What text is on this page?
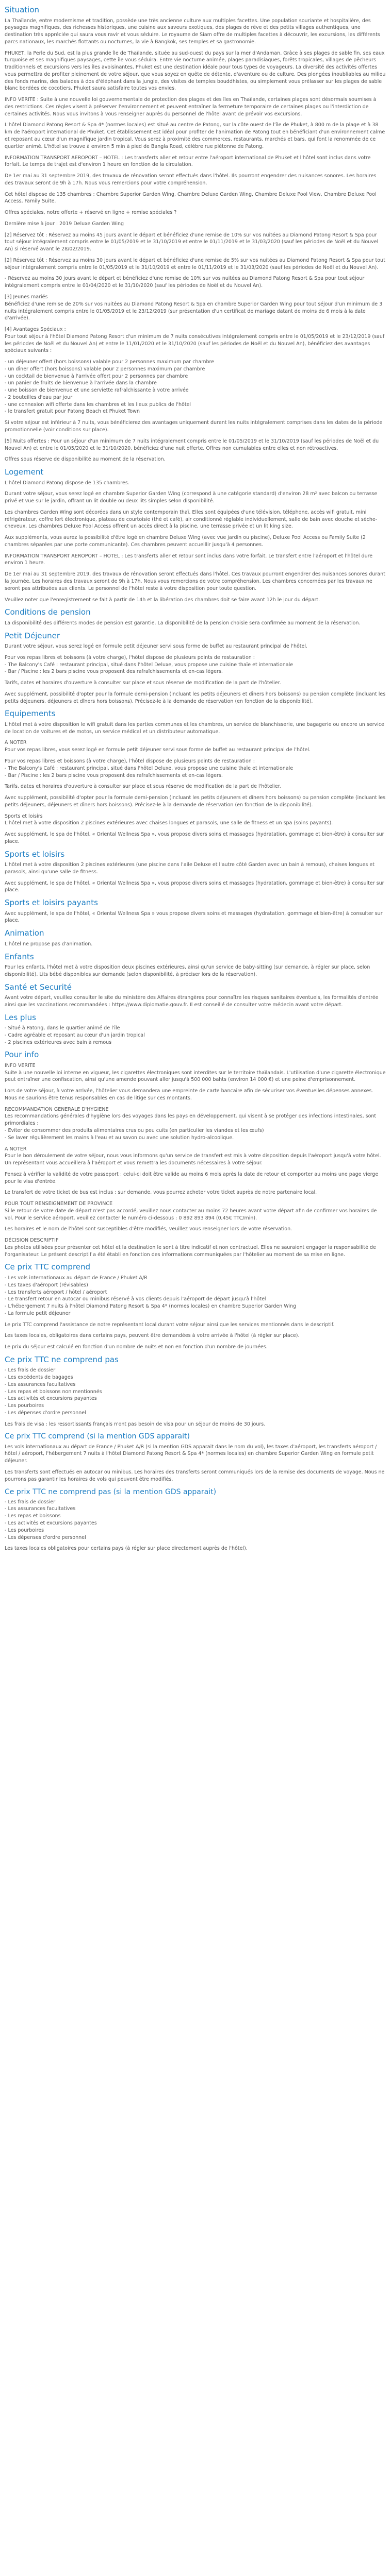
Situation

La Thaïlande, entre modernisme et tradition, possède une très ancienne culture aux multiples facettes. Une population souriante et hospitalière, des paysages magnifiques, des richesses historiques, une cuisine aux saveurs exotiques, des plages de rêve et des petits villages authentiques, une destination très appréciée qui saura vous ravir et vous séduire. Le royaume de Siam offre de multiples facettes à découvrir, les excursions, les différents parcs nationaux, les marchés flottants ou nocturnes, la vie à Bangkok, ses temples et sa gastronomie.

PHUKET, la Perle du Sud, est la plus grande île de Thaïlande, située au sud-ouest du pays sur la mer d'Andaman. Grâce à ses plages de sable fin, ses eaux turquoise et ses magnifiques paysages, cette île vous séduira. Entre vie nocturne animée, plages paradisiaques, forêts tropicales, villages de pêcheurs traditionnels et excursions vers les îles avoisinantes, Phuket est une destination idéale pour tous types de voyageurs. La diversité des activités offertes vous permettra de profiter pleinement de votre séjour, que vous soyez en quête de détente, d'aventure ou de culture. Des plongées inoubliables au milieu des fonds marins, des balades à dos d'éléphant dans la jungle, des visites de temples bouddhistes, ou simplement vous prélasser sur les plages de sable blanc bordées de cocotiers, Phuket saura satisfaire toutes vos envies.

INFO VERITE : Suite à une nouvelle loi gouvernementale de protection des plages et des îles en Thaïlande, certaines plages sont désormais soumises à des restrictions. Ces règles visent à préserver l'environnement et peuvent entraîner la fermeture temporaire de certaines plages ou l'interdiction de certaines activités. Nous vous invitons à vous renseigner auprès du personnel de l'hôtel avant de prévoir vos excursions.

L'hôtel Diamond Patong Resort & Spa 4* (normes locales) est situé au centre de Patong, sur la côte ouest de l'île de Phuket, à 800 m de la plage et à 38 km de l'aéroport international de Phuket. Cet établissement est idéal pour profiter de l'animation de Patong tout en bénéficiant d'un environnement calme et reposant au cœur d'un magnifique jardin tropical. Vous serez à proximité des commerces, restaurants, marchés et bars, qui font la renommée de ce quartier animé. L'hôtel se trouve à environ 5 min à pied de Bangla Road, célèbre rue piétonne de Patong.

INFORMATION TRANSPORT AEROPORT – HOTEL : Les transferts aller et retour entre l'aéroport international de Phuket et l'hôtel sont inclus dans votre forfait. Le temps de trajet est d'environ 1 heure en fonction de la circulation.

De 1er mai au 31 septembre 2019, des travaux de rénovation seront effectués dans l'hôtel. Ils pourront engendrer des nuisances sonores. Les horaires des travaux seront de 9h à 17h. Nous vous remercions pour votre compréhension.

Cet hôtel dispose de 135 chambres : Chambre Superior Garden Wing, Chambre Deluxe Garden Wing, Chambre Deluxe Pool View, Chambre Deluxe Pool Access, Family Suite.

Offres spéciales, notre offerte + réservé en ligne + remise spéciales ?

Dernière mise à jour : 2019 Deluxe Garden Wing

[2] Réservez tôt : Réservez au moins 45 jours avant le départ et bénéficiez d'une remise de 10% sur vos nuitées au Diamond Patong Resort & Spa pour tout séjour intégralement compris entre le 01/05/2019 et le 31/10/2019 et entre le 01/11/2019 et le 31/03/2020 (sauf les périodes de Noël et du Nouvel An) si réservé avant le 28/02/2019.

[2] Réservez tôt : Réservez au moins 30 jours avant le départ et bénéficiez d'une remise de 5% sur vos nuitées au Diamond Patong Resort & Spa pour tout séjour intégralement compris entre le 01/05/2019 et le 31/10/2019 et entre le 01/11/2019 et le 31/03/2020 (sauf les périodes de Noël et du Nouvel An).

- Réservez au moins 30 jours avant le départ et bénéficiez d'une remise de 10% sur vos nuitées au Diamond Patong Resort & Spa pour tout séjour intégralement compris entre le 01/04/2020 et le 31/10/2020 (sauf les périodes de Noël et du Nouvel An).

[3] Jeunes mariés

Bénéficiez d'une remise de 20% sur vos nuitées au Diamond Patong Resort & Spa en chambre Superior Garden Wing pour tout séjour d'un minimum de 3 nuits intégralement compris entre le 01/05/2019 et le 23/12/2019 (sur présentation d'un certificat de mariage datant de moins de 6 mois à la date d'arrivée).

[4] Avantages Spéciaux :

Pour tout séjour à l'hôtel Diamond Patong Resort d'un minimum de 7 nuits consécutives intégralement compris entre le 01/05/2019 et le 23/12/2019 (sauf les périodes de Noël et du Nouvel An) et entre le 11/01/2020 et le 31/10/2020 (sauf les périodes de Noël et du Nouvel An), bénéficiez des avantages spéciaux suivants :

- un déjeuner offert (hors boissons) valable pour 2 personnes maximum par chambre

- un dîner offert (hors boissons) valable pour 2 personnes maximum par chambre

- un cocktail de bienvenue à l'arrivée offert pour 2 personnes par chambre

- un panier de fruits de bienvenue à l'arrivée dans la chambre

- une boisson de bienvenue et une serviette rafraîchissante à votre arrivée

- 2 bouteilles d'eau par jour

- une connexion wifi offerte dans les chambres et les lieux publics de l'hôtel

- le transfert gratuit pour Patong Beach et Phuket Town

Si votre séjour est inférieur à 7 nuits, vous bénéficierez des avantages uniquement durant les nuits intégralement comprises dans les dates de la période promotionnelle (voir conditions sur place).

[5] Nuits offertes : Pour un séjour d'un minimum de 7 nuits intégralement compris entre le 01/05/2019 et le 31/10/2019 (sauf les périodes de Noël et du Nouvel An) et entre le 01/05/2020 et le 31/10/2020, bénéficiez d'une nuit offerte. Offres non cumulables entre elles et non rétroactives.

Offres sous réserve de disponibilité au moment de la réservation.

Logement

L'hôtel Diamond Patong dispose de 135 chambres.

Durant votre séjour, vous serez logé en chambre Superior Garden Wing (correspond à une catégorie standard) d'environ 28 m² avec balcon ou terrasse privé et vue sur le jardin, offrant un lit double ou deux lits simples selon disponibilité.

Les chambres Garden Wing sont décorées dans un style contemporain thaï. Elles sont équipées d'une télévision, téléphone, accès wifi gratuit, mini réfrigérateur, coffre fort électronique, plateau de courtoisie (thé et café), air conditionné réglable individuellement, salle de bain avec douche et sèche-cheveux. Les chambres Deluxe Pool Access offrent un accès direct à la piscine, une terrasse privée et un lit king size.

Aux suppléments, vous aurez la possibilité d'être logé en chambre Deluxe Wing (avec vue jardin ou piscine), Deluxe Pool Access ou Family Suite (2 chambres séparées par une porte communicante). Ces chambres peuvent accueillir jusqu'à 4 personnes.

INFORMATION TRANSPORT AEROPORT – HOTEL : Les transferts aller et retour sont inclus dans votre forfait. Le transfert entre l'aéroport et l'hôtel dure environ 1 heure.

De 1er mai au 31 septembre 2019, des travaux de rénovation seront effectués dans l'hôtel. Ces travaux pourront engendrer des nuisances sonores durant la journée. Les horaires des travaux seront de 9h à 17h. Nous vous remercions de votre compréhension. Les chambres concernées par les travaux ne seront pas attribuées aux clients. Le personnel de l'hôtel reste à votre disposition pour toute question.

Veuillez noter que l'enregistrement se fait à partir de 14h et la libération des chambres doit se faire avant 12h le jour du départ.

Conditions de pension

La disponibilité des différents modes de pension est garantie. La disponibilité de la pension choisie sera confirmée au moment de la réservation.

Petit Déjeuner

Durant votre séjour, vous serez logé en formule petit déjeuner servi sous forme de buffet au restaurant principal de l'hôtel.

Pour vos repas libres et boissons (à votre charge), l'hôtel dispose de plusieurs points de restauration :

- The Balcony's Café : restaurant principal, situé dans l'hôtel Deluxe, vous propose une cuisine thaïe et internationale

- Bar / Piscine : les 2 bars piscine vous proposent des rafraîchissements et en-cas légers.

Tarifs, dates et horaires d'ouverture à consulter sur place et sous réserve de modification de la part de l'hôtelier.

Avec supplément, possibilité d'opter pour la formule demi-pension (incluant les petits déjeuners et dîners hors boissons) ou pension complète (incluant les petits déjeuners, déjeuners et dîners hors boissons). Précisez-le à la demande de réservation (en fonction de la disponibilité).

Equipements

L'hôtel met à votre disposition le wifi gratuit dans les parties communes et les chambres, un service de blanchisserie, une bagagerie ou encore un service de location de voitures et de motos, un service médical et un distributeur automatique.

A NOTER

Pour vos repas libres, vous serez logé en formule petit déjeuner servi sous forme de buffet au restaurant principal de l'hôtel.

Pour vos repas libres et boissons (à votre charge), l'hôtel dispose de plusieurs points de restauration :

- The Balcony's Café : restaurant principal, situé dans l'hôtel Deluxe, vous propose une cuisine thaïe et internationale

- Bar / Piscine : les 2 bars piscine vous proposent des rafraîchissements et en-cas légers.

Tarifs, dates et horaires d'ouverture à consulter sur place et sous réserve de modification de la part de l'hôtelier.

Avec supplément, possibilité d'opter pour la formule demi-pension (incluant les petits déjeuners et dîners hors boissons) ou pension complète (incluant les petits déjeuners, déjeuners et dîners hors boissons). Précisez-le à la demande de réservation (en fonction de la disponibilité).

Sports et loisirs

L'hôtel met à votre disposition 2 piscines extérieures avec chaises longues et parasols, une salle de fitness et un spa (soins payants).

Avec supplément, le spa de l'hôtel, « Oriental Wellness Spa », vous propose divers soins et massages (hydratation, gommage et bien-être) à consulter sur place.

Sports et loisirs

L'hôtel met à votre disposition 2 piscines extérieures (une piscine dans l'aile Deluxe et l'autre côté Garden avec un bain à remous), chaises longues et parasols, ainsi qu'une salle de fitness.

Avec supplément, le spa de l'hôtel, « Oriental Wellness Spa », vous propose divers soins et massages (hydratation, gommage et bien-être) à consulter sur place.

Sports et loisirs payants

Avec supplément, le spa de l'hôtel, « Oriental Wellness Spa » vous propose divers soins et massages (hydratation, gommage et bien-être) à consulter sur place.

Animation

L'hôtel ne propose pas d'animation.

Enfants

Pour les enfants, l'hôtel met à votre disposition deux piscines extérieures, ainsi qu'un service de baby-sitting (sur demande, à régler sur place, selon disponibilité). Lits bébé disponibles sur demande (selon disponibilité, à préciser lors de la réservation).

Santé et Securité

Avant votre départ, veuillez consulter le site du ministère des Affaires étrangères pour connaître les risques sanitaires éventuels, les formalités d'entrée ainsi que les vaccinations recommandées : https://www.diplomatie.gouv.fr. Il est conseillé de consulter votre médecin avant votre départ.

Les plus

- Situé à Patong, dans le quartier animé de l'île

- Cadre agréable et reposant au cœur d'un jardin tropical

- 2 piscines extérieures avec bain à remous

Pour info

INFO VERITE

Suite à une nouvelle loi interne en vigueur, les cigarettes électroniques sont interdites sur le territoire thaïlandais. L'utilisation d'une cigarette électronique peut entraîner une confiscation, ainsi qu'une amende pouvant aller jusqu'à 500 000 bahts (environ 14 000 €) et une peine d'emprisonnement.

Lors de votre séjour, à votre arrivée, l'hôtelier vous demandera une empreinte de carte bancaire afin de sécuriser vos éventuelles dépenses annexes. Nous ne saurions être tenus responsables en cas de litige sur ces montants.

RECOMMANDATION GENERALE D'HYGIENE

Les recommandations générales d'hygiène lors des voyages dans les pays en développement, qui visent à se protéger des infections intestinales, sont primordiales :

- Eviter de consommer des produits alimentaires crus ou peu cuits (en particulier les viandes et les œufs)

- Se laver régulièrement les mains à l'eau et au savon ou avec une solution hydro-alcoolique.

A NOTER

Pour le bon déroulement de votre séjour, nous vous informons qu'un service de transfert est mis à votre disposition depuis l'aéroport jusqu'à votre hôtel. Un représentant vous accueillera à l'aéroport et vous remettra les documents nécessaires à votre séjour.

Pensez à vérifier la validité de votre passeport : celui-ci doit être valide au moins 6 mois après la date de retour et comporter au moins une page vierge pour le visa d'entrée.

Le transfert de votre ticket de bus est inclus : sur demande, vous pourrez acheter votre ticket auprès de notre partenaire local.

POUR TOUT RENSEIGNEMENT DE PROVINCE

Si le retour de votre date de départ n'est pas accordé, veuillez nous contacter au moins 72 heures avant votre départ afin de confirmer vos horaires de vol. Pour le service aéroport, veuillez contacter le numéro ci-dessous : 0 892 893 894 (0,45€ TTC/min).

Les horaires et le nom de l'hôtel sont susceptibles d'être modifiés, veuillez vous renseigner lors de votre réservation.

DÉCISION DESCRIPTIF

Les photos utilisées pour présenter cet hôtel et la destination le sont à titre indicatif et non contractuel. Elles ne sauraient engager la responsabilité de l'organisateur. Le présent descriptif a été établi en fonction des informations communiquées par l'hôtelier au moment de sa mise en ligne.

Ce prix TTC comprend

- Les vols internationaux au départ de France / Phuket A/R

- Les taxes d'aéroport (révisables)

- Les transferts aéroport / hôtel / aéroport

- Le transfert retour en autocar ou minibus réservé à vos clients depuis l'aéroport de départ jusqu'à l'hôtel

- L'hébergement 7 nuits à l'hôtel Diamond Patong Resort & Spa 4* (normes locales) en chambre Superior Garden Wing

- La formule petit déjeuner

Le prix TTC comprend l'assistance de notre représentant local durant votre séjour ainsi que les services mentionnés dans le descriptif.

Les taxes locales, obligatoires dans certains pays, peuvent être demandées à votre arrivée à l'hôtel (à régler sur place).

Le prix du séjour est calculé en fonction d'un nombre de nuits et non en fonction d'un nombre de journées.

Ce prix TTC ne comprend pas

- Les frais de dossier

- Les excédents de bagages

- Les assurances facultatives

- Les repas et boissons non mentionnés

- Les activités et excursions payantes

- Les pourboires

- Les dépenses d'ordre personnel

Les frais de visa : les ressortissants français n'ont pas besoin de visa pour un séjour de moins de 30 jours.

Ce prix TTC comprend (si la mention GDS apparait)

Les vols internationaux au départ de France / Phuket A/R (si la mention GDS apparait dans le nom du vol), les taxes d'aéroport, les transferts aéroport / hôtel / aéroport, l'hébergement 7 nuits à l'hôtel Diamond Patong Resort & Spa 4* (normes locales) en chambre Superior Garden Wing en formule petit déjeuner.

Les transferts sont effectués en autocar ou minibus. Les horaires des transferts seront communiqués lors de la remise des documents de voyage. Nous ne pourrons pas garantir les horaires de vols qui peuvent être modifiés.

Ce prix TTC ne comprend pas (si la mention GDS apparait)

- Les frais de dossier

- Les assurances facultatives

- Les repas et boissons

- Les activités et excursions payantes

- Les pourboires

- Les dépenses d'ordre personnel

Les taxes locales obligatoires pour certains pays (à régler sur place directement auprès de l'hôtel).
